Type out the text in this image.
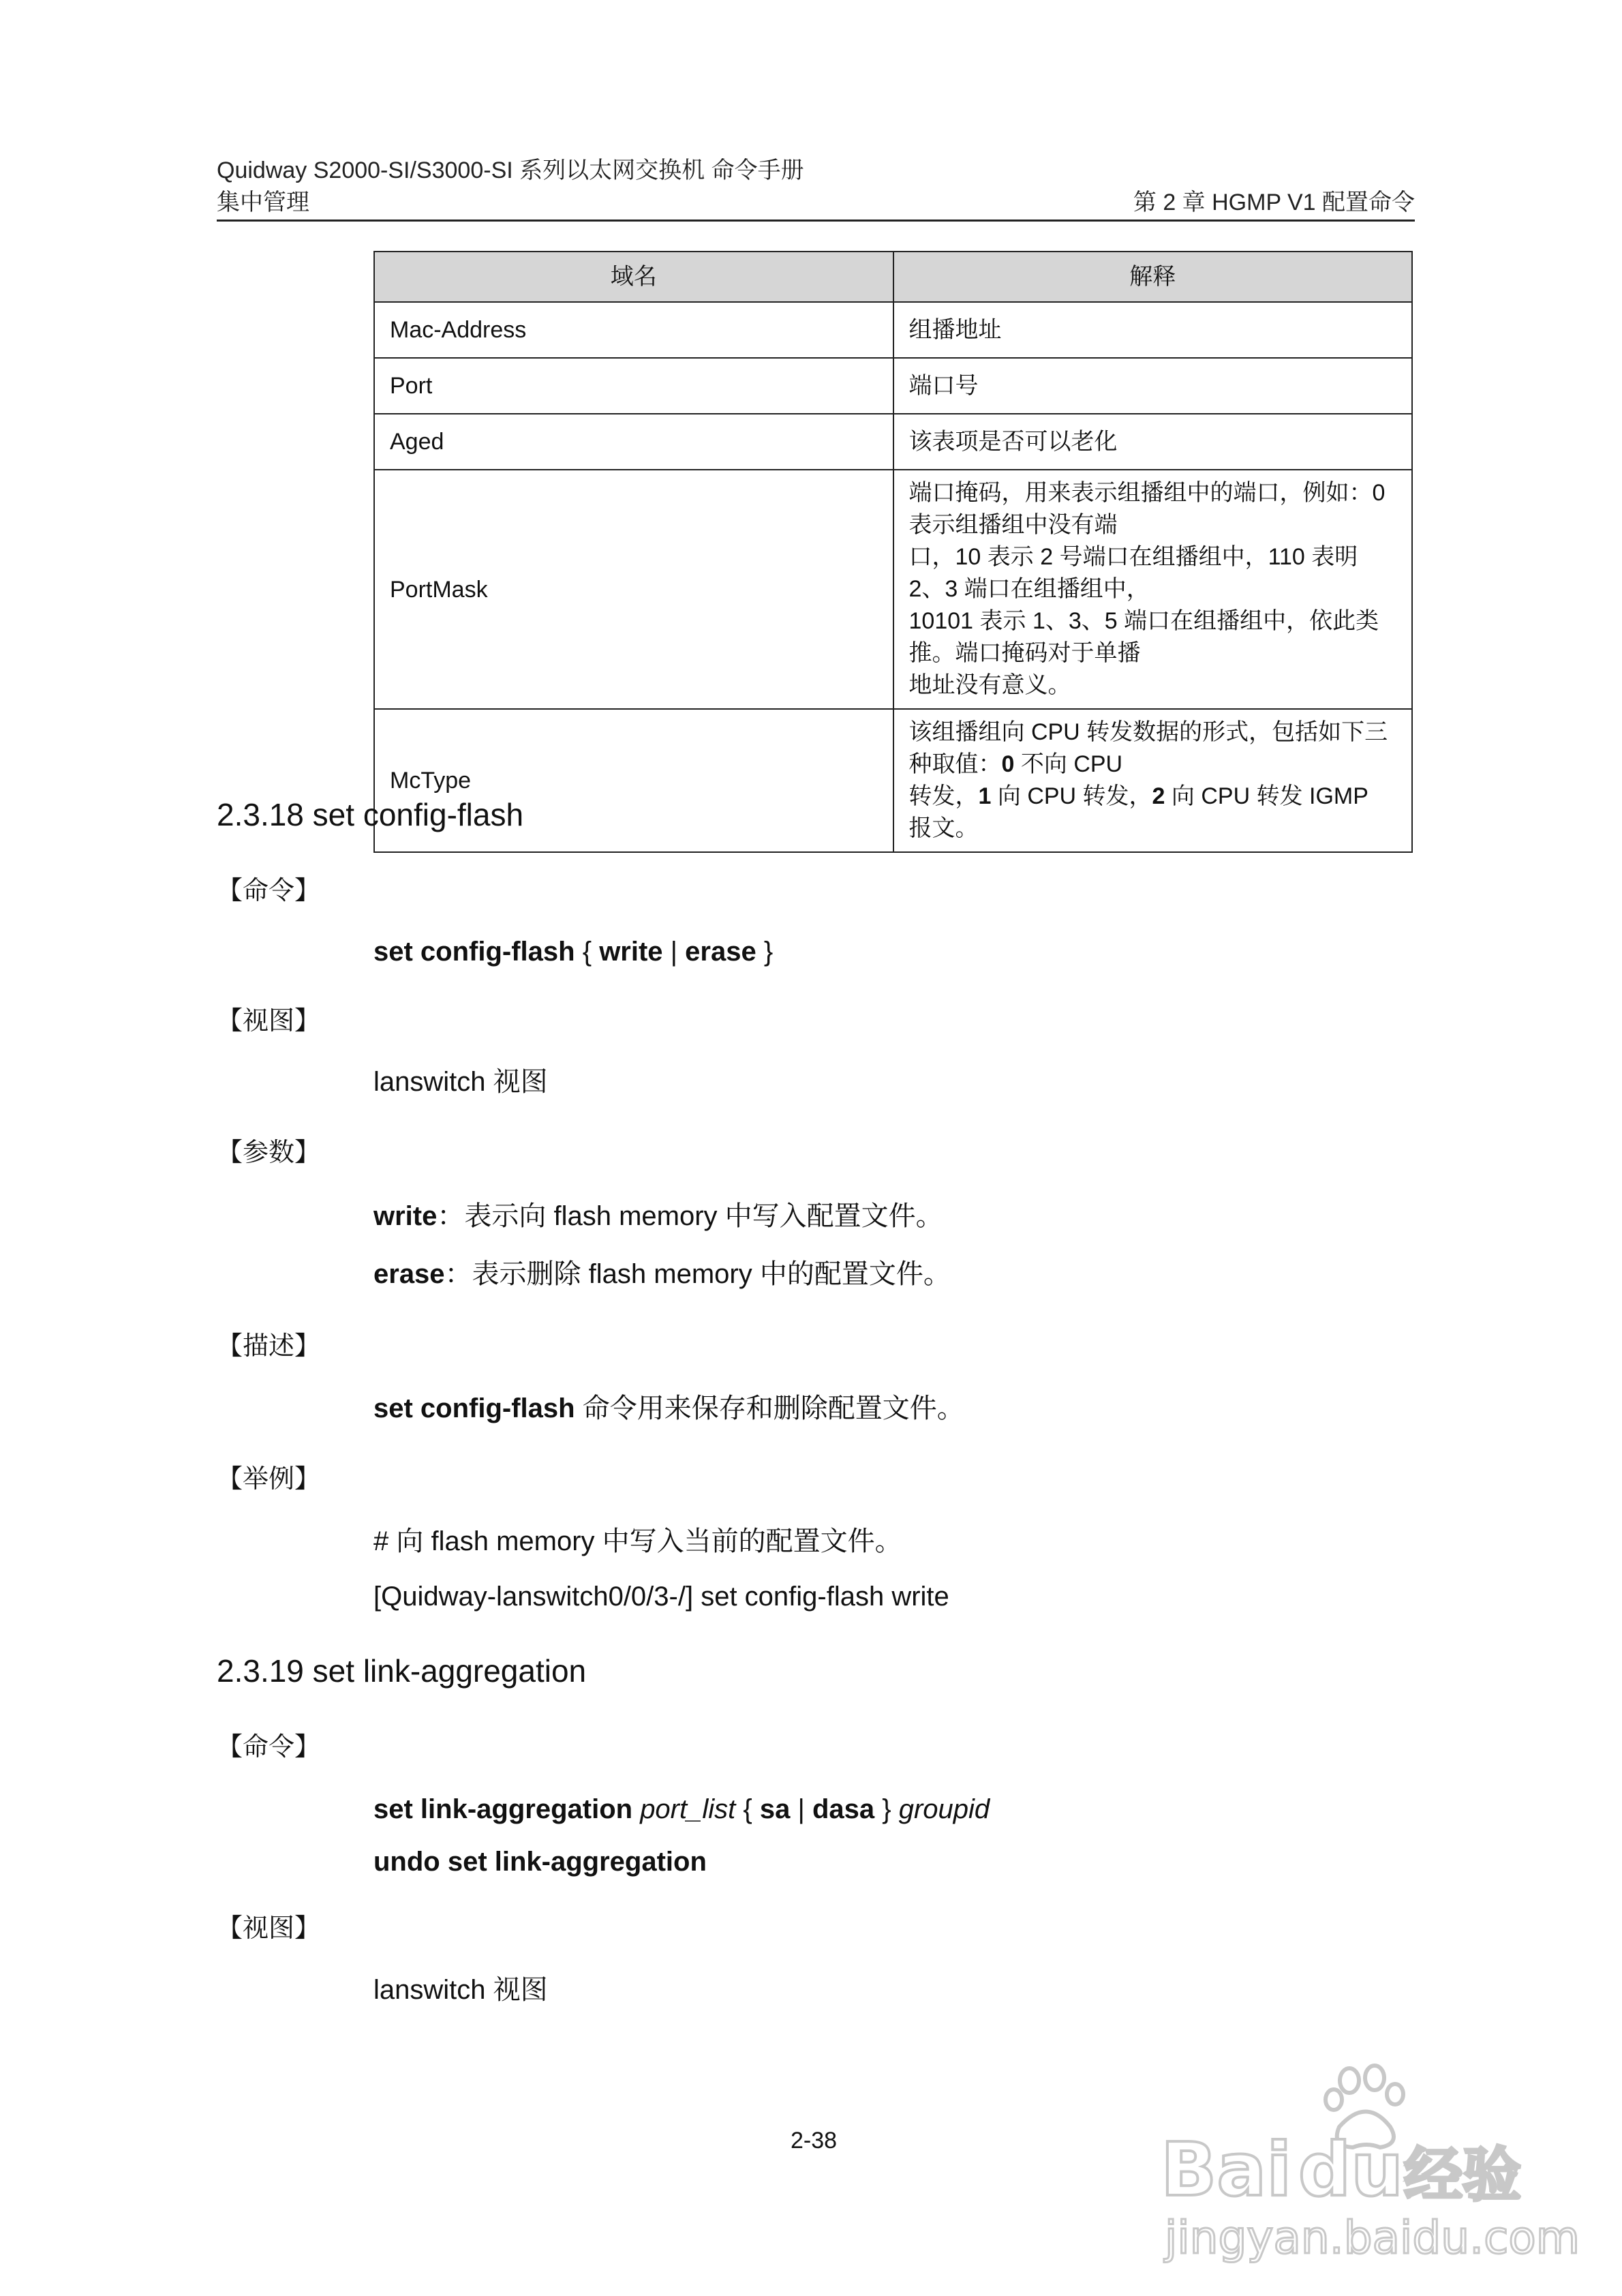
Quidway S2000-SI/S3000-SI 系列以太网交换机 命令手册
集中管理	第 2 章 HGMP V1 配置命令
域名	解释
Mac-Address	组播地址
Port	端口号
Aged	该表项是否可以老化
PortMask	端口掩码，用来表示组播组中的端口，例如：0 表示组播组中没有端
口，10 表示 2 号端口在组播组中，110 表明 2、3 端口在组播组中，
10101 表示 1、3、5 端口在组播组中，依此类推。端口掩码对于单播
地址没有意义。

McType	该组播组向 CPU 转发数据的形式，包括如下三种取值：0 不向 CPU
转发，1 向 CPU 转发，2 向 CPU 转发 IGMP 报文。
2.3.18 set config-flash
【命令】
set config-flash { write | erase }
【视图】
lanswitch 视图
【参数】
write：表示向 flash memory 中写入配置文件。
erase：表示删除 flash memory 中的配置文件。
【描述】
set config-flash 命令用来保存和删除配置文件。
【举例】
# 向 flash memory 中写入当前的配置文件。
[Quidway-lanswitch0/0/3-/] set config-flash write
2.3.19 set link-aggregation
【命令】
set link-aggregation port_list { sa | dasa } groupid
undo set link-aggregation
【视图】
lanswitch 视图
2-38	Bai du 经验
jingyan.baidu.com
